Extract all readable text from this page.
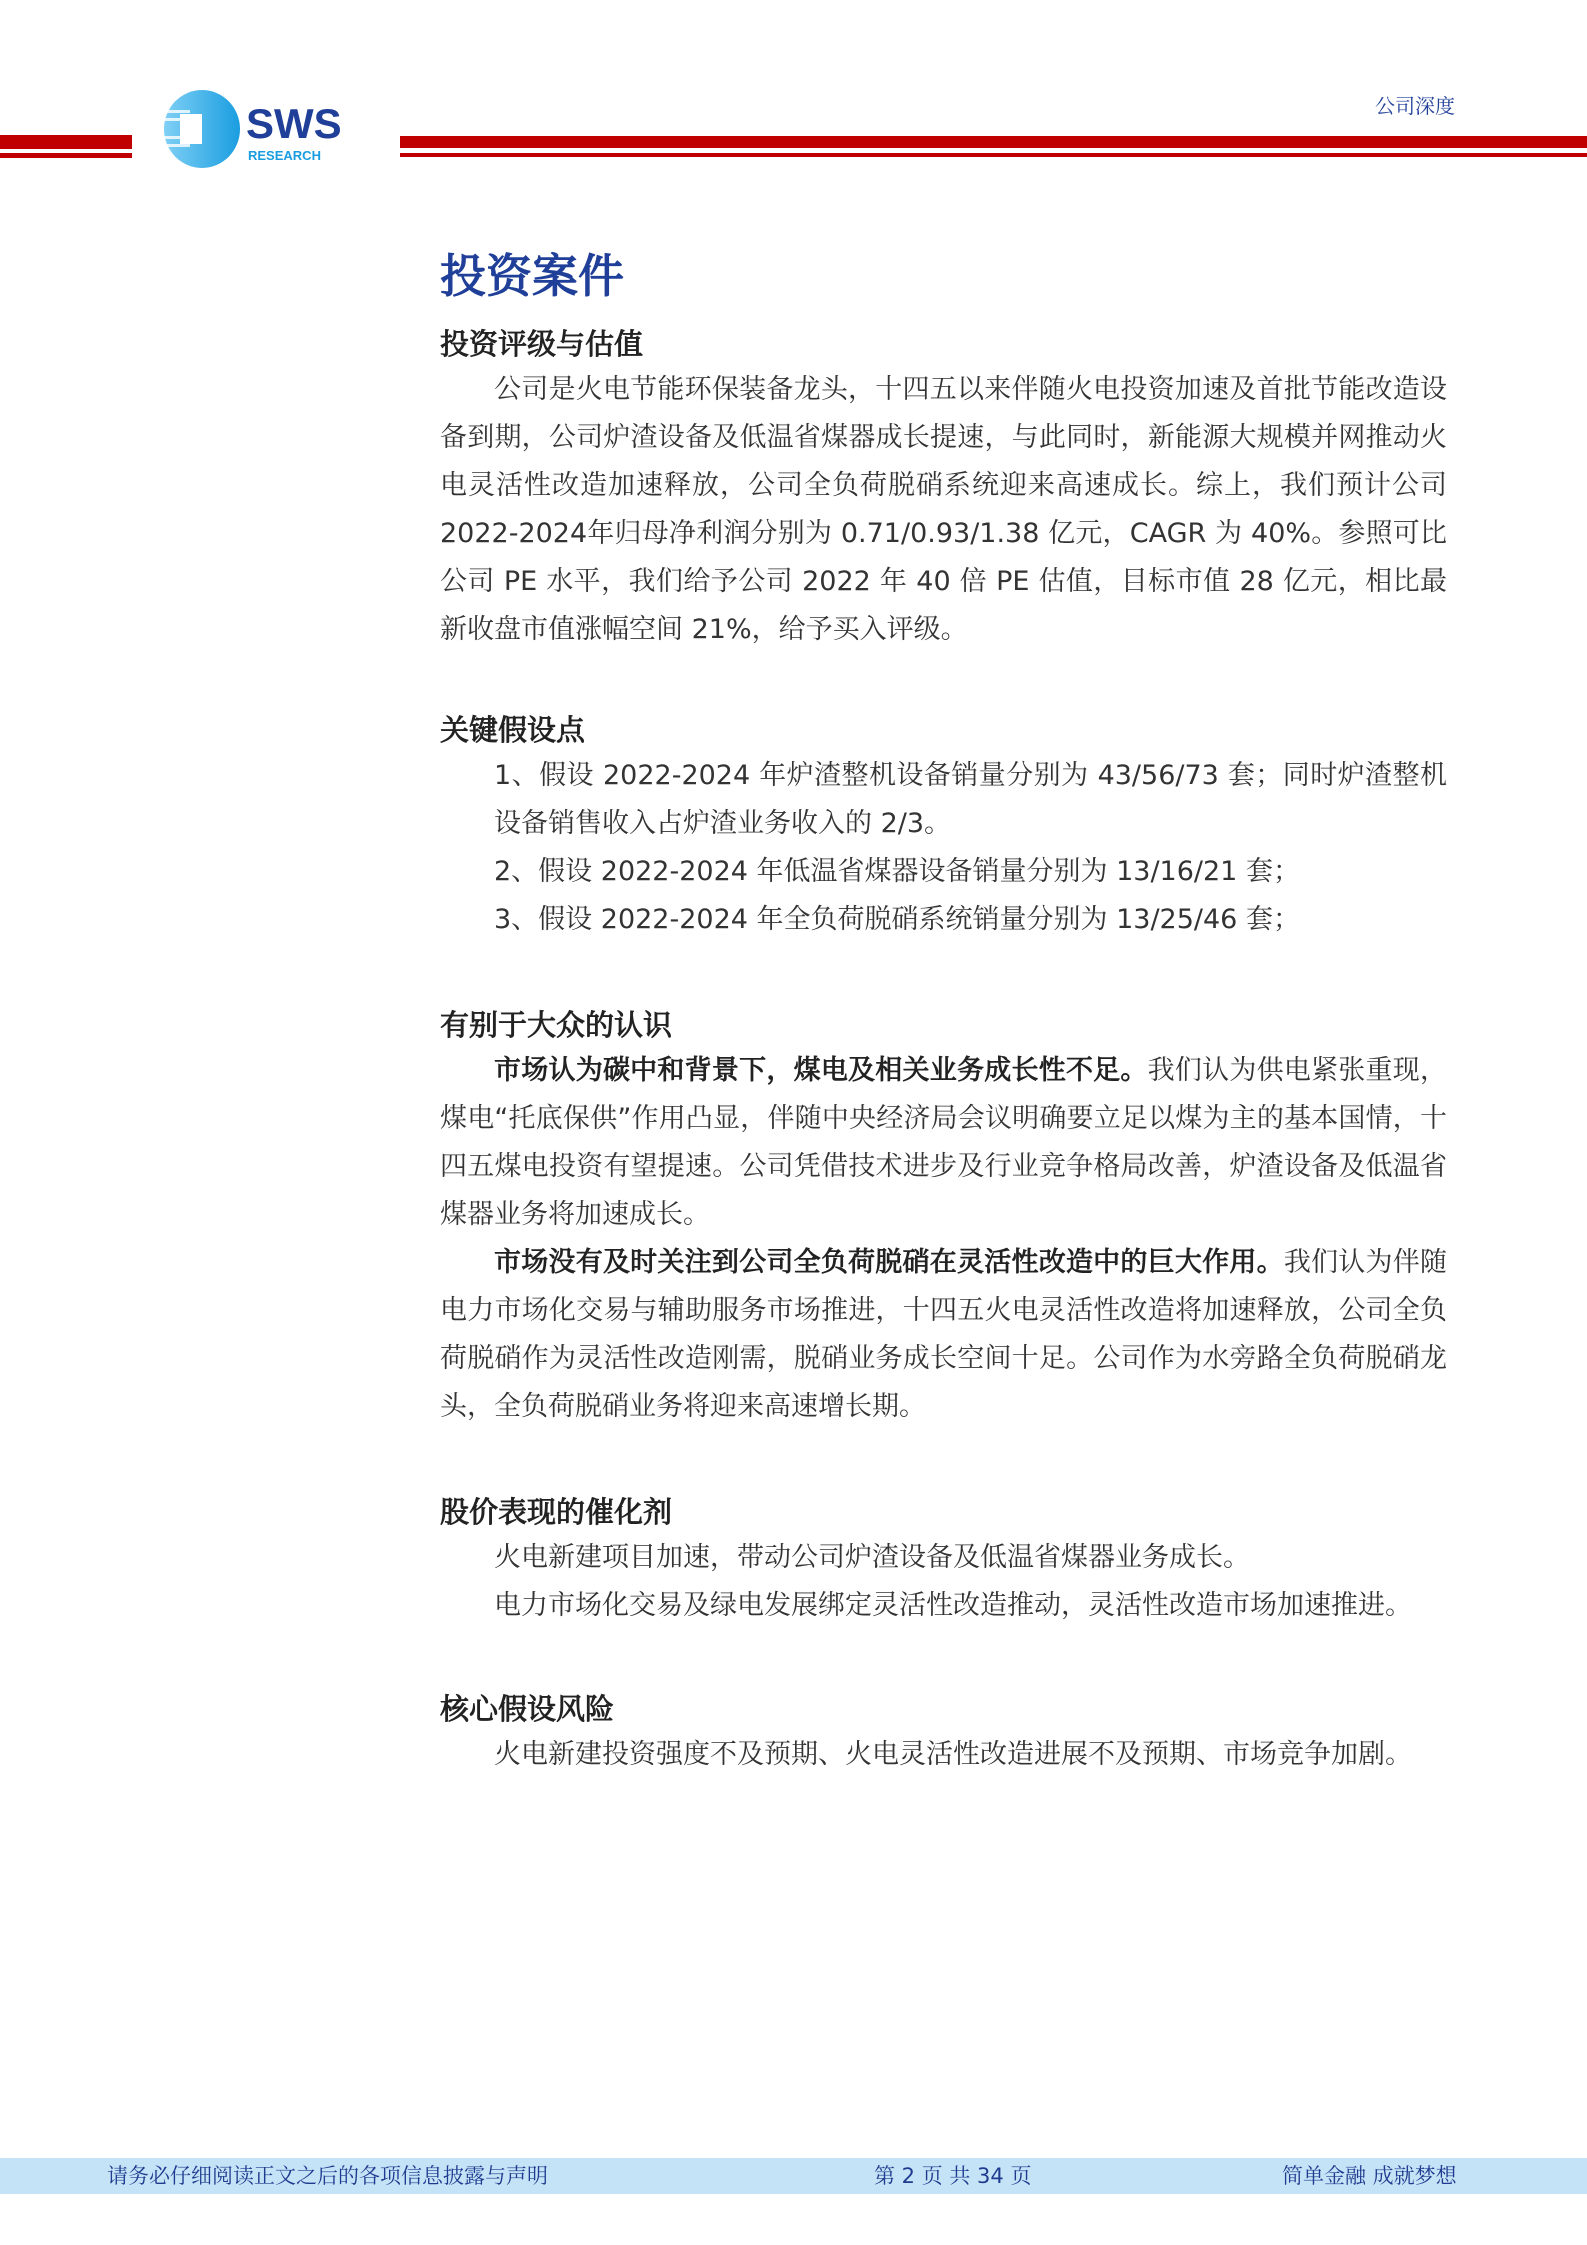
SWS
RESEARCH
公司深度
投资案件
投资评级与估值

公司是火电节能环保装备龙头，十四五以来伴随火电投资加速及首批节能改造设备到期，公司炉渣设备及低温省煤器成长提速，与此同时，新能源大规模并网推动火电灵活性改造加速释放，公司全负荷脱硝系统迎来高速成长。综上，我们预计公司2022-2024年归母净利润分别为 0.71/0.93/1.38 亿元，CAGR 为 40%。参照可比公司 PE 水平，我们给予公司 2022 年 40 倍 PE 估值，目标市值 28 亿元，相比最新收盘市值涨幅空间 21%，给予买入评级。

关键假设点

1、假设 2022-2024 年炉渣整机设备销量分别为 43/56/73 套；同时炉渣整机设备销售收入占炉渣业务收入的 2/3。

2、假设 2022-2024 年低温省煤器设备销量分别为 13/16/21 套；

3、假设 2022-2024 年全负荷脱硝系统销量分别为 13/25/46 套；

有别于大众的认识

市场认为碳中和背景下，煤电及相关业务成长性不足。我们认为供电紧张重现，煤电“托底保供”作用凸显，伴随中央经济局会议明确要立足以煤为主的基本国情，十四五煤电投资有望提速。公司凭借技术进步及行业竞争格局改善，炉渣设备及低温省煤器业务将加速成长。

市场没有及时关注到公司全负荷脱硝在灵活性改造中的巨大作用。我们认为伴随电力市场化交易与辅助服务市场推进，十四五火电灵活性改造将加速释放，公司全负荷脱硝作为灵活性改造刚需，脱硝业务成长空间十足。公司作为水旁路全负荷脱硝龙头，全负荷脱硝业务将迎来高速增长期。

股价表现的催化剂

火电新建项目加速，带动公司炉渣设备及低温省煤器业务成长。

电力市场化交易及绿电发展绑定灵活性改造推动，灵活性改造市场加速推进。

核心假设风险

火电新建投资强度不及预期、火电灵活性改造进展不及预期、市场竞争加剧。

请务必仔细阅读正文之后的各项信息披露与声明	第 2 页 共 34 页	简单金融 成就梦想
